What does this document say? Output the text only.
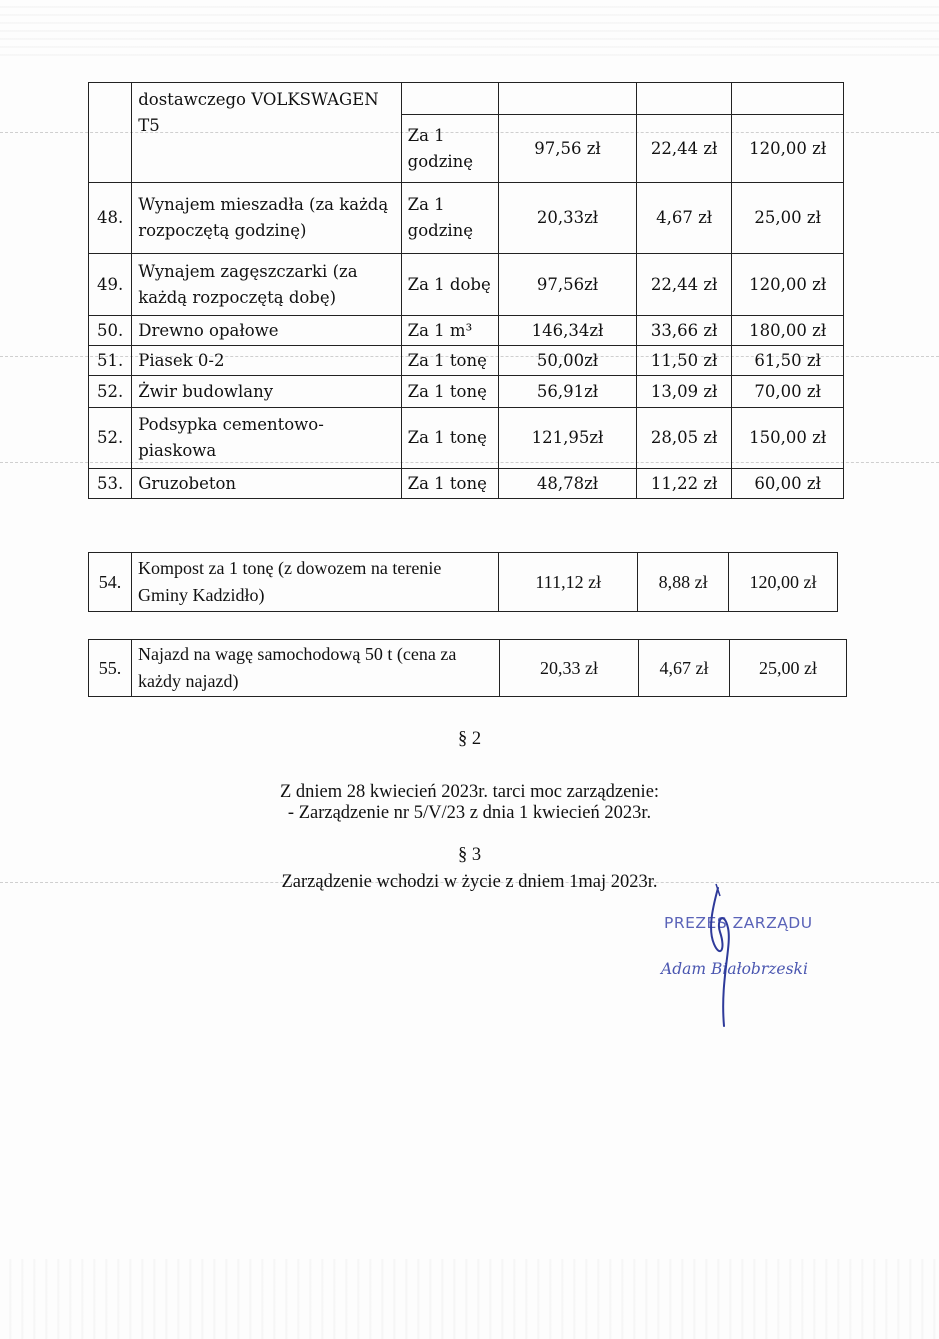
	dostawczego VOLKSWAGEN T5				
		Za 1 godzinę	97,56 zł	22,44 zł	120,00 zł
48.	Wynajem mieszadła (za każdą rozpoczętą godzinę)	Za 1 godzinę	20,33zł	4,67 zł	25,00 zł
49.	Wynajem zagęszczarki (za każdą rozpoczętą dobę)	Za 1 dobę	97,56zł	22,44 zł	120,00 zł
50.	Drewno opałowe	Za 1 m³	146,34zł	33,66 zł	180,00 zł
51.	Piasek 0-2	Za 1 tonę	50,00zł	11,50 zł	61,50 zł
52.	Żwir budowlany	Za 1 tonę	56,91zł	13,09 zł	70,00 zł
52.	Podsypka cementowo-piaskowa	Za 1 tonę	121,95zł	28,05 zł	150,00 zł
53.	Gruzobeton	Za 1 tonę	48,78zł	11,22 zł	60,00 zł
54.	Kompost za 1 tonę (z dowozem na terenie Gminy Kadzidło)	111,12 zł	8,88 zł	120,00 zł
55.	Najazd na wagę samochodową 50 t (cena za każdy najazd)	20,33 zł	4,67 zł	25,00 zł
§ 2
Z dniem 28 kwiecień 2023r. tarci moc zarządzenie:
- Zarządzenie nr 5/V/23 z dnia 1 kwiecień 2023r.
§ 3
Zarządzenie wchodzi w życie z dniem 1maj 2023r.
PREZES ZARZĄDU
Adam Białobrzeski
